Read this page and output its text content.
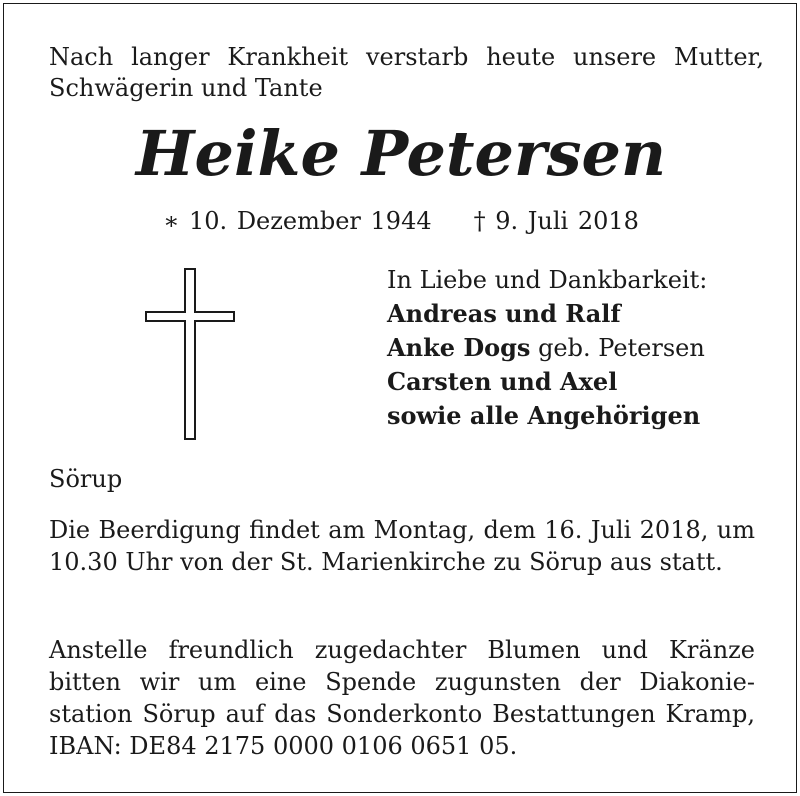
Nach langer Krankheit verstarb heute unsere Mutter, Schwägerin und Tante
Heike Petersen
∗ 10. Dezember 1944 † 9. Juli 2018
In Liebe und Dankbarkeit:
Andreas und Ralf
Anke Dogs geb. Petersen
Carsten und Axel
sowie alle Angehörigen
Sörup
Die Beerdigung findet am Montag, dem 16. Juli 2018, um 10.30 Uhr von der St. Marienkirche zu Sörup aus statt.
Anstelle freundlich zugedachter Blumen und Kränze bitten wir um eine Spende zugunsten der Diakonie-station Sörup auf das Sonderkonto Bestattungen Kramp, IBAN: DE84 2175 0000 0106 0651 05.
